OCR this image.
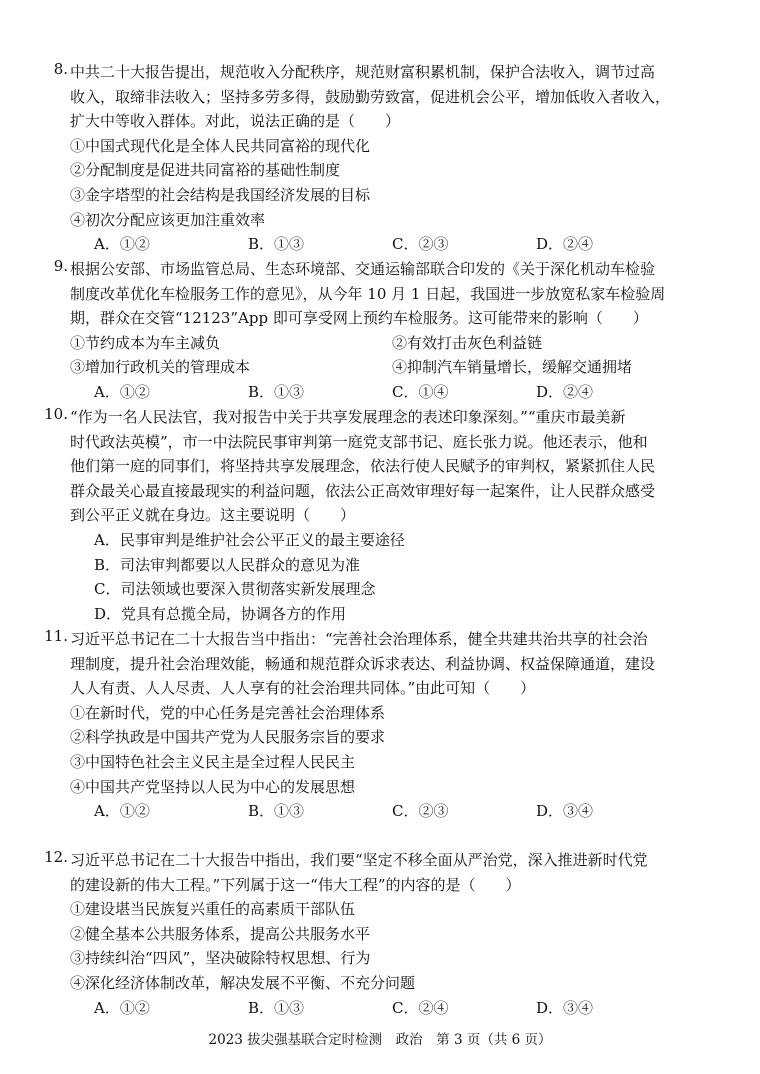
8. 中共二十大报告提出，规范收入分配秩序，规范财富积累机制，保护合法收入，调节过高
收入，取缔非法收入；坚持多劳多得，鼓励勤劳致富，促进机会公平，增加低收入者收入，
扩大中等收入群体。对此，说法正确的是（　　）
①中国式现代化是全体人民共同富裕的现代化
②分配制度是促进共同富裕的基础性制度
③金字塔型的社会结构是我国经济发展的目标
④初次分配应该更加注重效率
A．①②	B．①③	C．②③	D．②④
9. 根据公安部、市场监管总局、生态环境部、交通运输部联合印发的《关于深化机动车检验
制度改革优化车检服务工作的意见》，从今年 10 月 1 日起，我国进一步放宽私家车检验周
期，群众在交管“12123”App 即可享受网上预约车检服务。这可能带来的影响（　　）
①节约成本为车主减负	②有效打击灰色利益链
③增加行政机关的管理成本	④抑制汽车销量增长，缓解交通拥堵
A．①②	B．①③	C．①④	D．②④
10. “作为一名人民法官，我对报告中关于共享发展理念的表述印象深刻。”“重庆市最美新
时代政法英模”，市一中法院民事审判第一庭党支部书记、庭长张力说。他还表示，他和
他们第一庭的同事们，将坚持共享发展理念，依法行使人民赋予的审判权，紧紧抓住人民
群众最关心最直接最现实的利益问题，依法公正高效审理好每一起案件，让人民群众感受
到公平正义就在身边。这主要说明（　　）
A．民事审判是维护社会公平正义的最主要途径
B．司法审判都要以人民群众的意见为准
C．司法领域也要深入贯彻落实新发展理念
D．党具有总揽全局，协调各方的作用
11. 习近平总书记在二十大报告当中指出：“完善社会治理体系，健全共建共治共享的社会治
理制度，提升社会治理效能，畅通和规范群众诉求表达、利益协调、权益保障通道，建设
人人有责、人人尽责、人人享有的社会治理共同体。”由此可知（　　）
①在新时代，党的中心任务是完善社会治理体系
②科学执政是中国共产党为人民服务宗旨的要求
③中国特色社会主义民主是全过程人民民主
④中国共产党坚持以人民为中心的发展思想
A．①②	B．①③	C．②③	D．③④
12. 习近平总书记在二十大报告中指出，我们要“坚定不移全面从严治党，深入推进新时代党
的建设新的伟大工程。”下列属于这一“伟大工程”的内容的是（　　）
①建设堪当民族复兴重任的高素质干部队伍
②健全基本公共服务体系，提高公共服务水平
③持续纠治“四风”，坚决破除特权思想、行为
④深化经济体制改革，解决发展不平衡、不充分问题
A．①②	B．①③	C．②④	D．③④
2023 拔尖强基联合定时检测　政治　第 3 页（共 6 页）
